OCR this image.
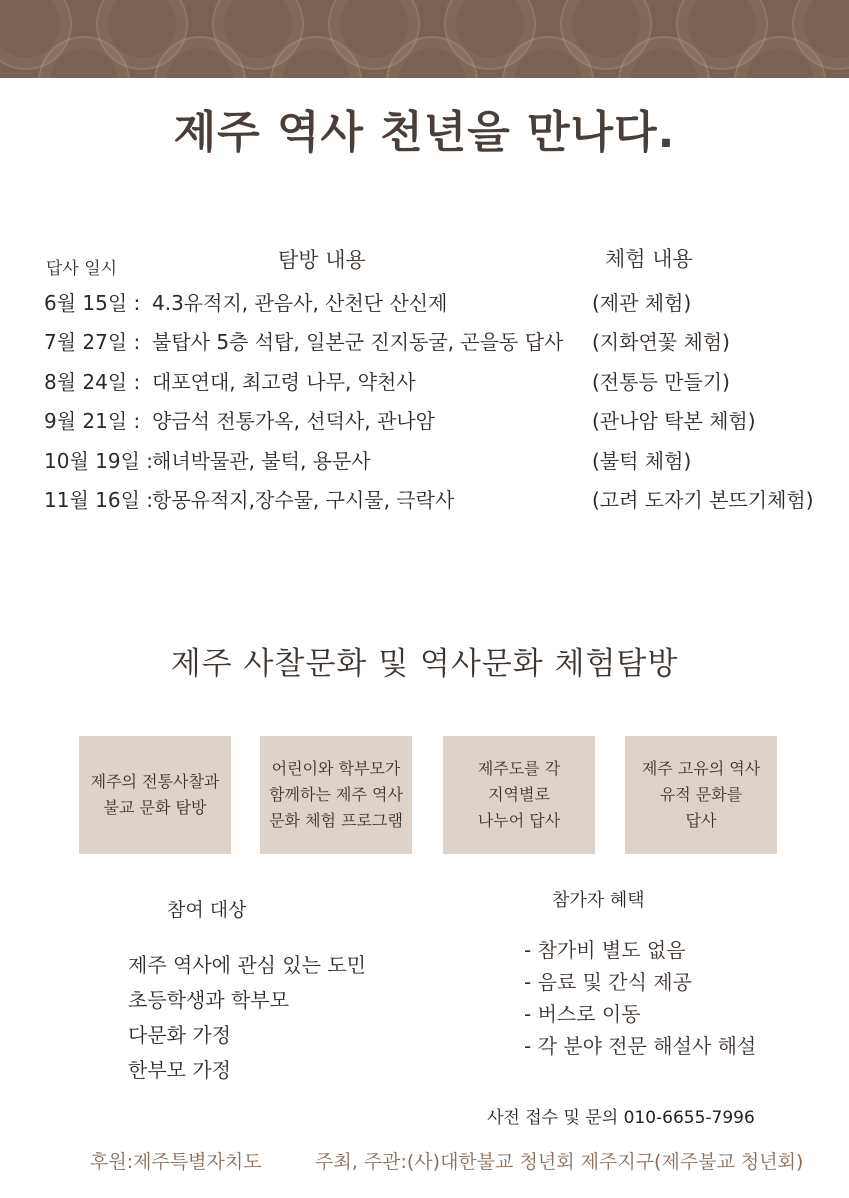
제주 역사 천년을 만나다.
답사 일시	탐방 내용	체험 내용
6월 15일 : 4.3유적지, 관음사, 산천단 산신제	(제관 체험)
7월 27일 : 불탑사 5층 석탑, 일본군 진지동굴, 곤을동 답사 (지화연꽃 체험)
8월 24일 : 대포연대, 최고령 나무, 약천사	(전통등 만들기)
9월 21일 : 양금석 전통가옥, 선덕사, 관나암	(관나암 탁본 체험)
10월 19일 : 해녀박물관, 불턱, 용문사	(불턱 체험)
11월 16일 : 항몽유적지,장수물, 구시물, 극락사	(고려 도자기 본뜨기체험)
제주 사찰문화 및 역사문화 체험탐방
제주의 전통사찰과
불교 문화 탐방
어린이와 학부모가
함께하는 제주 역사
문화 체험 프로그램
제주도를 각
지역별로
나누어 답사
제주 고유의 역사
유적 문화를
답사
참여 대상
제주 역사에 관심 있는 도민
초등학생과 학부모
다문화 가정
한부모 가정
참가자 혜택
- 참가비 별도 없음
- 음료 및 간식 제공
- 버스로 이동
- 각 분야 전문 해설사 해설
사전 접수 및 문의 010-6655-7996
후원:제주특별자치도	주최, 주관:(사)대한불교 청년회 제주지구(제주불교 청년회)
